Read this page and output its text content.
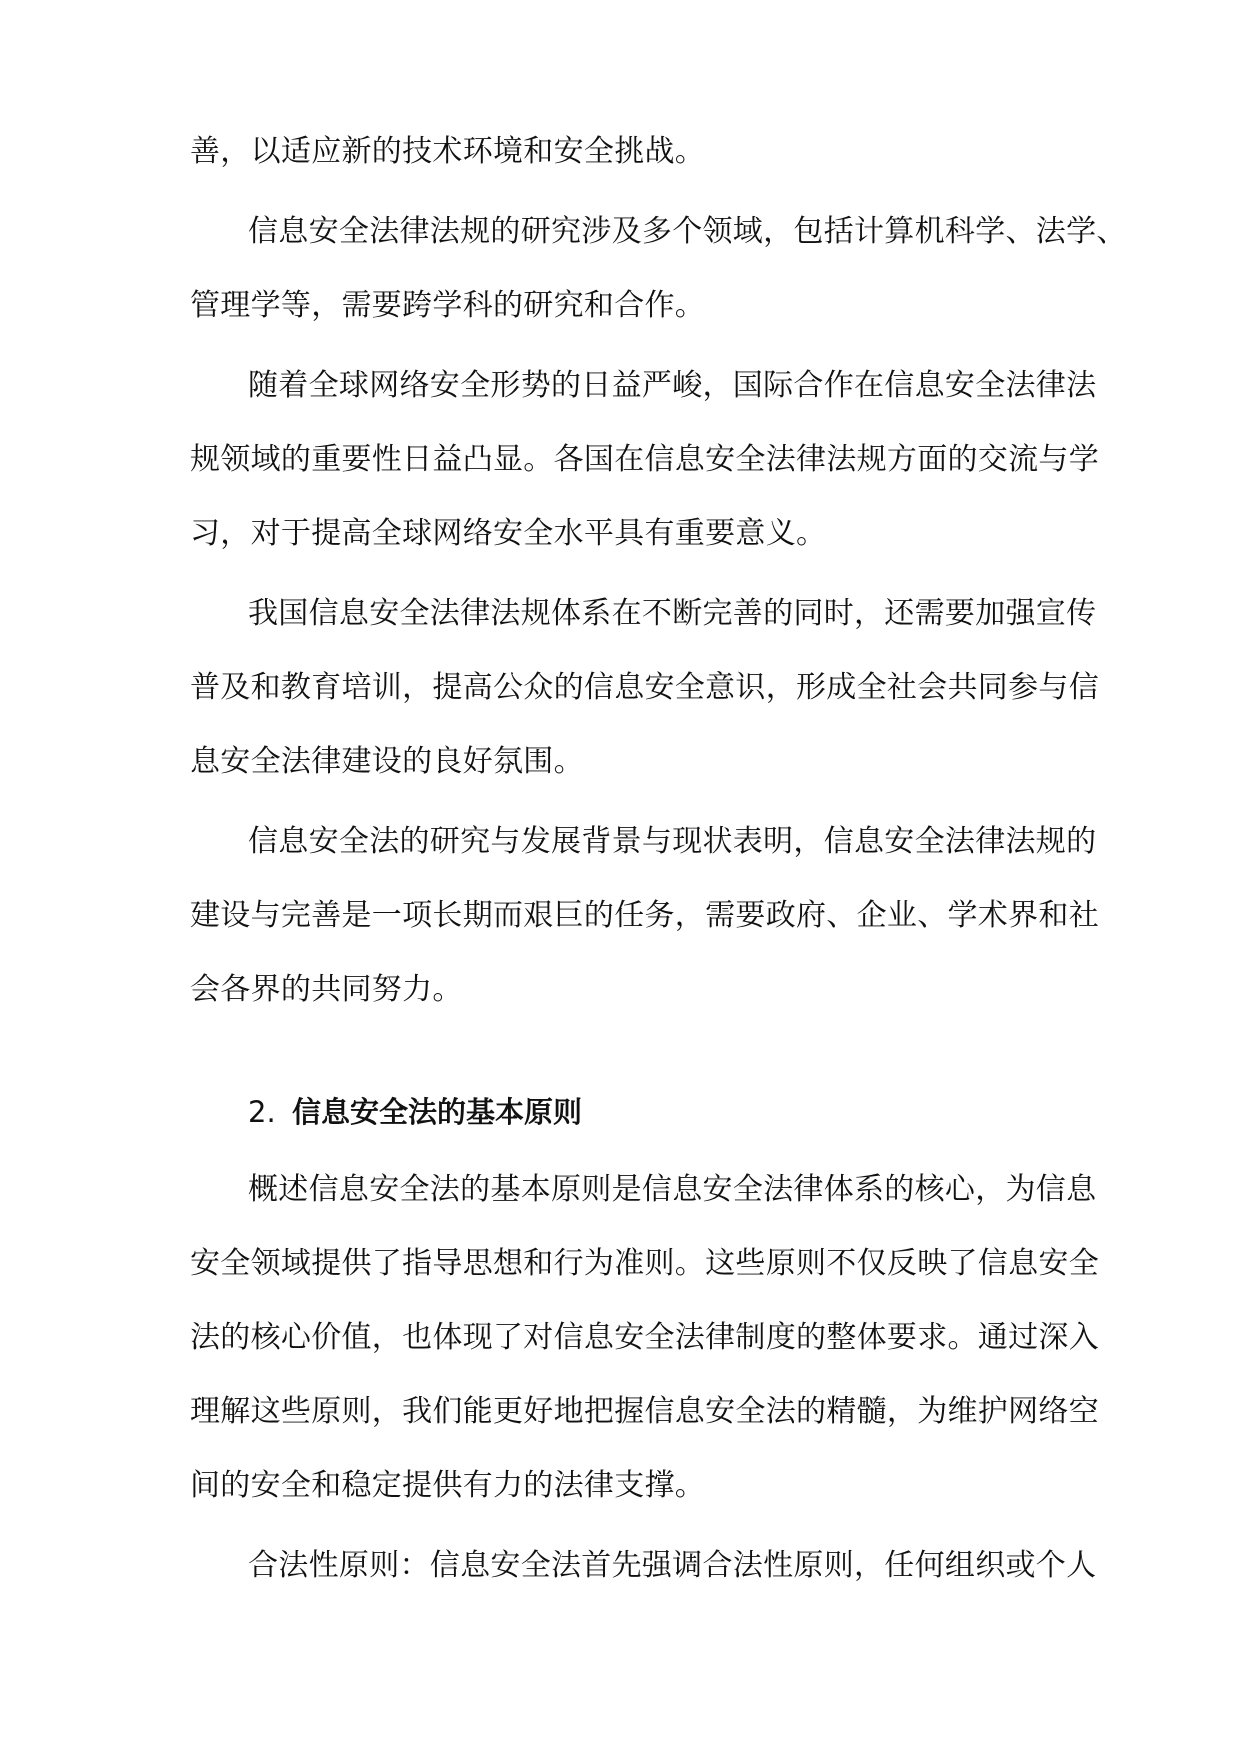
善，以适应新的技术环境和安全挑战。
信息安全法律法规的研究涉及多个领域，包括计算机科学、法学、
管理学等，需要跨学科的研究和合作。
随着全球网络安全形势的日益严峻，国际合作在信息安全法律法
规领域的重要性日益凸显。各国在信息安全法律法规方面的交流与学
习，对于提高全球网络安全水平具有重要意义。
我国信息安全法律法规体系在不断完善的同时，还需要加强宣传
普及和教育培训，提高公众的信息安全意识，形成全社会共同参与信
息安全法律建设的良好氛围。
信息安全法的研究与发展背景与现状表明，信息安全法律法规的
建设与完善是一项长期而艰巨的任务，需要政府、企业、学术界和社
会各界的共同努力。
2. 信息安全法的基本原则
概述信息安全法的基本原则是信息安全法律体系的核心，为信息
安全领域提供了指导思想和行为准则。这些原则不仅反映了信息安全
法的核心价值，也体现了对信息安全法律制度的整体要求。通过深入
理解这些原则，我们能更好地把握信息安全法的精髓，为维护网络空
间的安全和稳定提供有力的法律支撑。
合法性原则：信息安全法首先强调合法性原则，任何组织或个人
